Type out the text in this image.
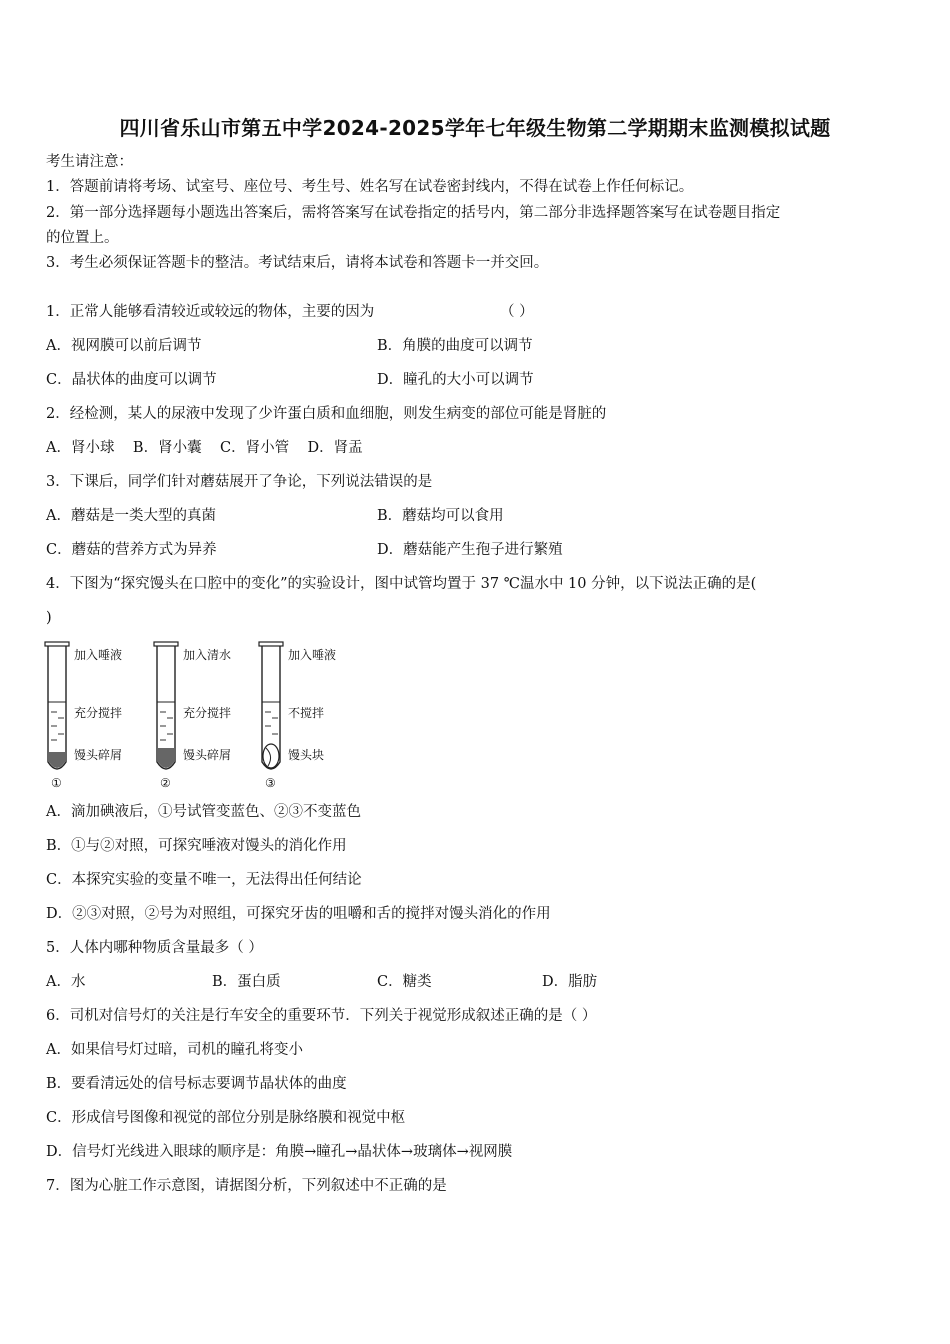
四川省乐山市第五中学2024-2025学年七年级生物第二学期期末监测模拟试题
考生请注意：
1．答题前请将考场、试室号、座位号、考生号、姓名写在试卷密封线内，不得在试卷上作任何标记。
2．第一部分选择题每小题选出答案后，需将答案写在试卷指定的括号内，第二部分非选择题答案写在试卷题目指定
的位置上。
3．考生必须保证答题卡的整洁。考试结束后，请将本试卷和答题卡一并交回。
1．正常人能够看清较近或较远的物体，主要的因为	（ ）
A．视网膜可以前后调节	B．角膜的曲度可以调节
C．晶状体的曲度可以调节	D．瞳孔的大小可以调节
2．经检测，某人的尿液中发现了少许蛋白质和血细胞，则发生病变的部位可能是肾脏的
A．肾小球    B．肾小囊    C．肾小管    D．肾盂
3．下课后，同学们针对蘑菇展开了争论，下列说法错误的是
A．蘑菇是一类大型的真菌	B．蘑菇均可以食用
C．蘑菇的营养方式为异养	D．蘑菇能产生孢子进行繁殖
4．下图为“探究馒头在口腔中的变化”的实验设计，图中试管均置于 37 ℃温水中 10 分钟，以下说法正确的是(
)
加入唾液
充分搅拌
馒头碎屑
①
加入清水
充分搅拌
馒头碎屑
②
加入唾液
不搅拌
馒头块
③
A．滴加碘液后，①号试管变蓝色、②③不变蓝色
B．①与②对照，可探究唾液对馒头的消化作用
C．本探究实验的变量不唯一，无法得出任何结论
D．②③对照，②号为对照组，可探究牙齿的咀嚼和舌的搅拌对馒头消化的作用
5．人体内哪种物质含量最多（ ）
A．水	B．蛋白质	C．糖类	D．脂肪
6．司机对信号灯的关注是行车安全的重要环节．下列关于视觉形成叙述正确的是（ ）
A．如果信号灯过暗，司机的瞳孔将变小
B．要看清远处的信号标志要调节晶状体的曲度
C．形成信号图像和视觉的部位分别是脉络膜和视觉中枢
D．信号灯光线进入眼球的顺序是：角膜→瞳孔→晶状体→玻璃体→视网膜
7．图为心脏工作示意图，请据图分析，下列叙述中不正确的是
